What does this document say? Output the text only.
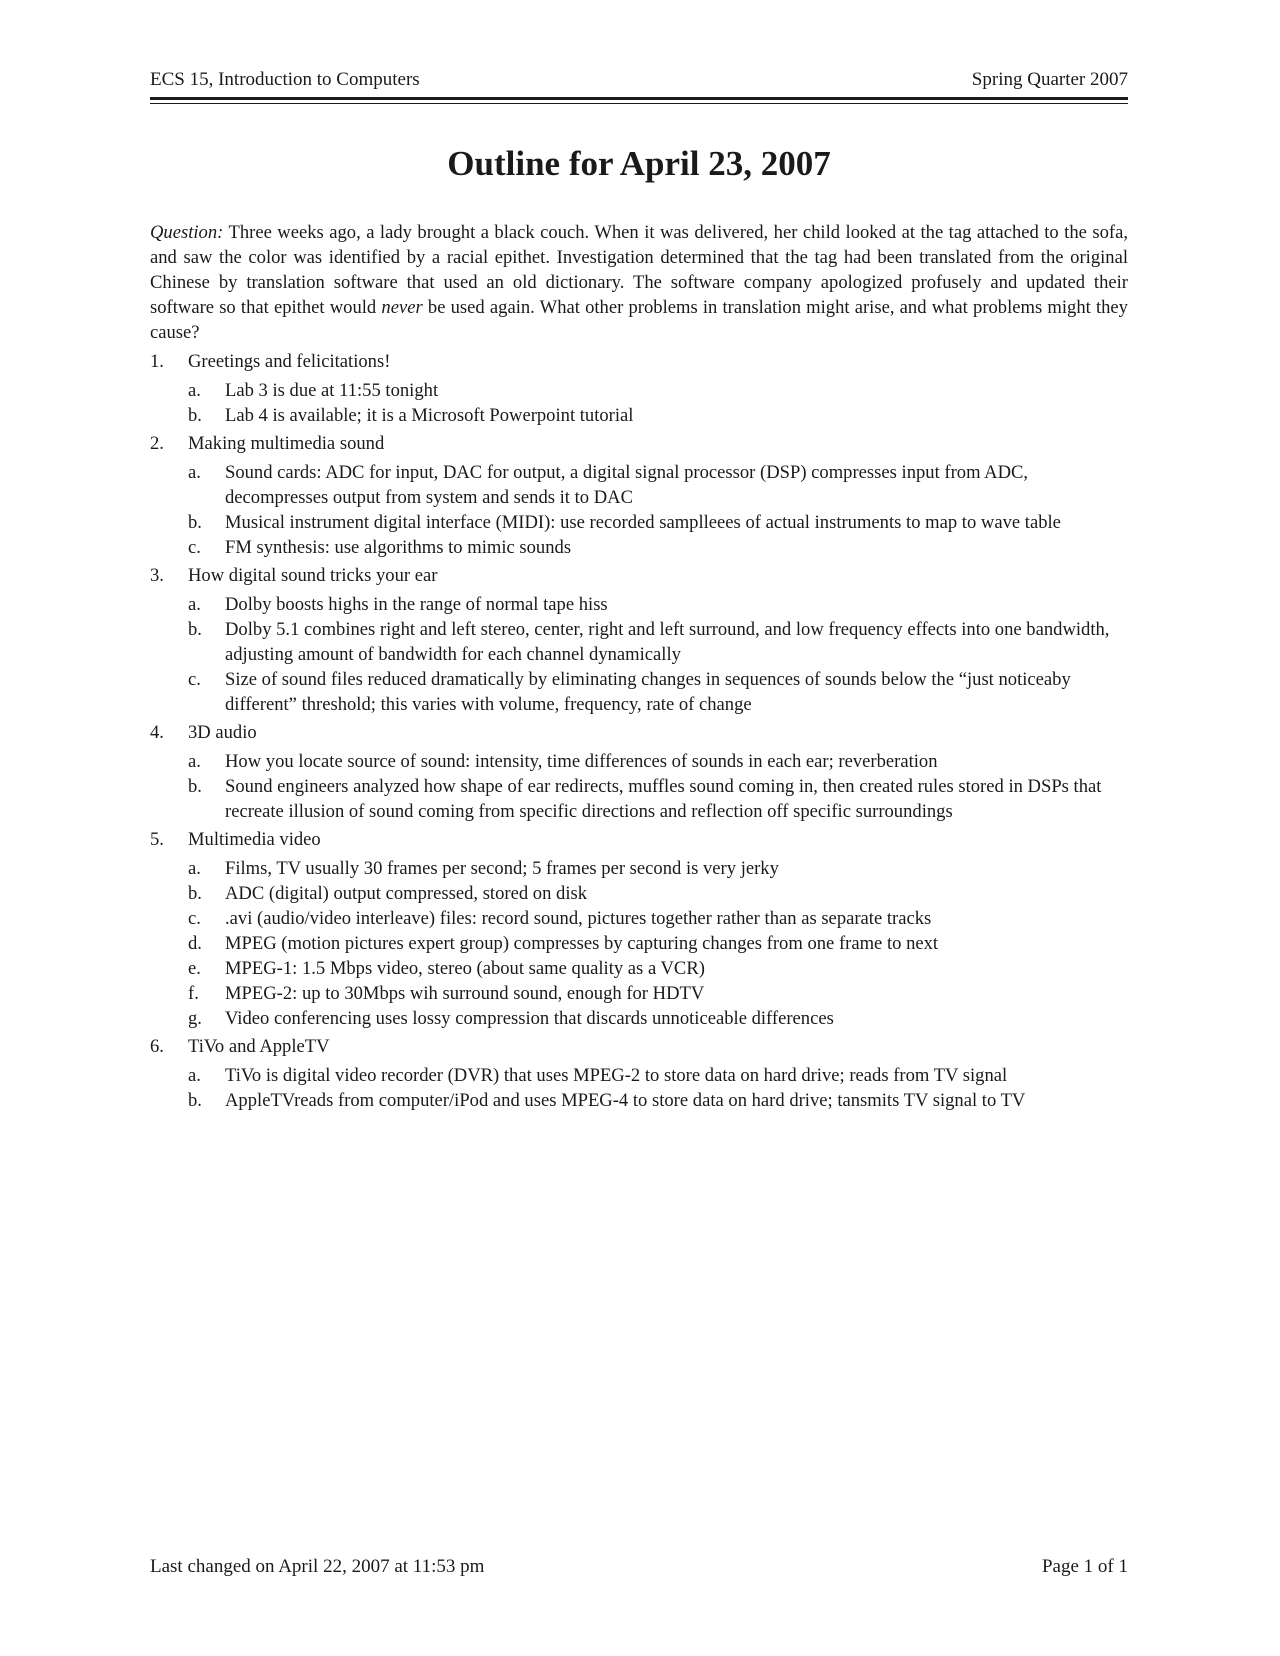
ECS 15, Introduction to Computers	Spring Quarter 2007
Outline for April 23, 2007

Question: Three weeks ago, a lady brought a black couch. When it was delivered, her child looked at the tag attached to the sofa, and saw the color was identified by a racial epithet. Investigation determined that the tag had been translated from the original Chinese by translation software that used an old dictionary. The software company apologized profusely and updated their software so that epithet would never be used again. What other problems in translation might arise, and what problems might they cause?

1.	Greetings and felicitations!
a.	Lab 3 is due at 11:55 tonight
b.	Lab 4 is available; it is a Microsoft Powerpoint tutorial
2.	Making multimedia sound
a.	Sound cards: ADC for input, DAC for output, a digital signal processor (DSP) compresses input from ADC, decompresses output from system and sends it to DAC
b.	Musical instrument digital interface (MIDI): use recorded samplleees of actual instruments to map to wave table
c.	FM synthesis: use algorithms to mimic sounds
3.	How digital sound tricks your ear
a.	Dolby boosts highs in the range of normal tape hiss
b.	Dolby 5.1 combines right and left stereo, center, right and left surround, and low frequency effects into one bandwidth, adjusting amount of bandwidth for each channel dynamically
c.	Size of sound files reduced dramatically by eliminating changes in sequences of sounds below the “just noticeaby different” threshold; this varies with volume, frequency, rate of change
4.	3D audio
a.	How you locate source of sound: intensity, time differences of sounds in each ear; reverberation
b.	Sound engineers analyzed how shape of ear redirects, muffles sound coming in, then created rules stored in DSPs that recreate illusion of sound coming from specific directions and reflection off specific surroundings
5.	Multimedia video
a.	Films, TV usually 30 frames per second; 5 frames per second is very jerky
b.	ADC (digital) output compressed, stored on disk
c.	.avi (audio/video interleave) files: record sound, pictures together rather than as separate tracks
d.	MPEG (motion pictures expert group) compresses by capturing changes from one frame to next
e.	MPEG-1: 1.5 Mbps video, stereo (about same quality as a VCR)
f.	MPEG-2: up to 30Mbps wih surround sound, enough for HDTV
g.	Video conferencing uses lossy compression that discards unnoticeable differences
6.	TiVo and AppleTV
a.	TiVo is digital video recorder (DVR) that uses MPEG-2 to store data on hard drive; reads from TV signal
b.	AppleTVreads from computer/iPod and uses MPEG-4 to store data on hard drive; tansmits TV signal to TV
Last changed on April 22, 2007 at 11:53 pm	Page 1 of 1
